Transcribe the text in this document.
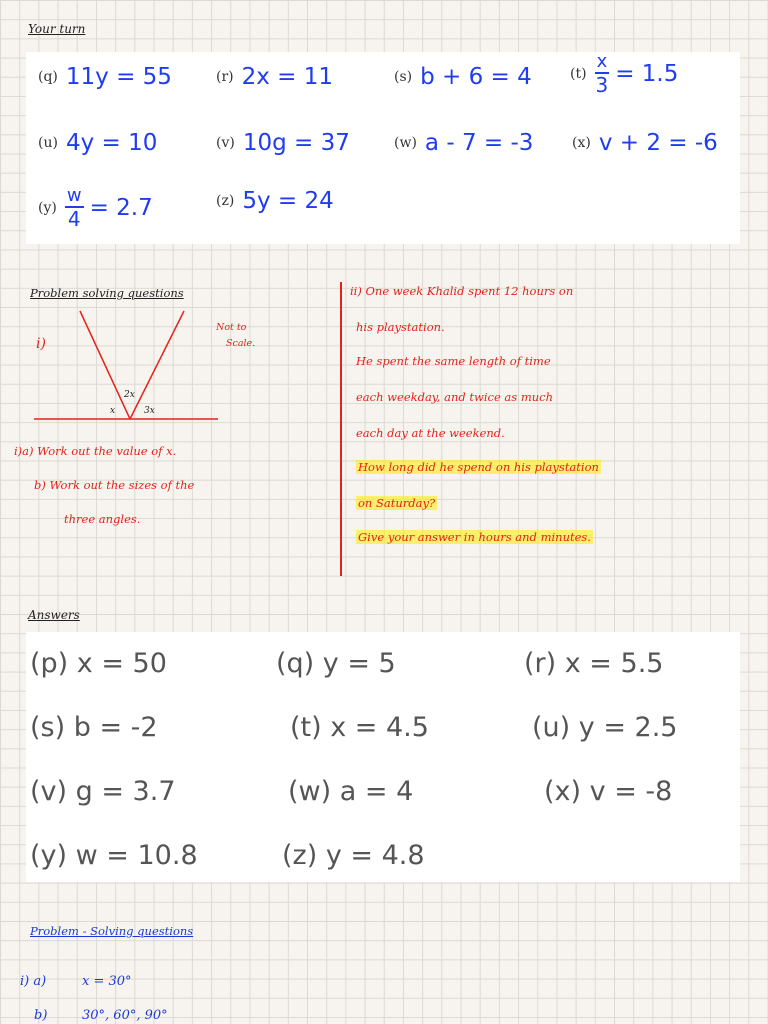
Your turn
(q) 11y = 55	(r) 2x = 11	(s) b + 6 = 4	$(t) \frac{x}{3} = 1.5$
(u) 4y = 10	(v) 10g = 37	(w) a - 7 = -3	(x) v + 2 = -6
$(y) \frac{w}{4} = 2.7$	(z) 5y = 24
Problem solving questions
i)
2x
x	3x
Not to
Scale.
i)a) Work out the value of x.
b) Work out the sizes of the
three angles.
ii) One week Khalid spent 12 hours on
his playstation.
He spent the same length of time
each weekday, and twice as much
each day at the weekend.
How long did he spend on his playstation
on Saturday?
Give your answer in hours and minutes.
Answers
(p) x = 50	(q) y = 5	(r) x = 5.5
(s) b = -2	(t) x = 4.5	(u) y = 2.5
(v) g = 3.7	(w) a = 4	(x) v = -8
(y) w = 10.8	(z) y = 4.8
Problem - Solving questions
i) a)	x = 30°
b)	30°, 60°, 90°
